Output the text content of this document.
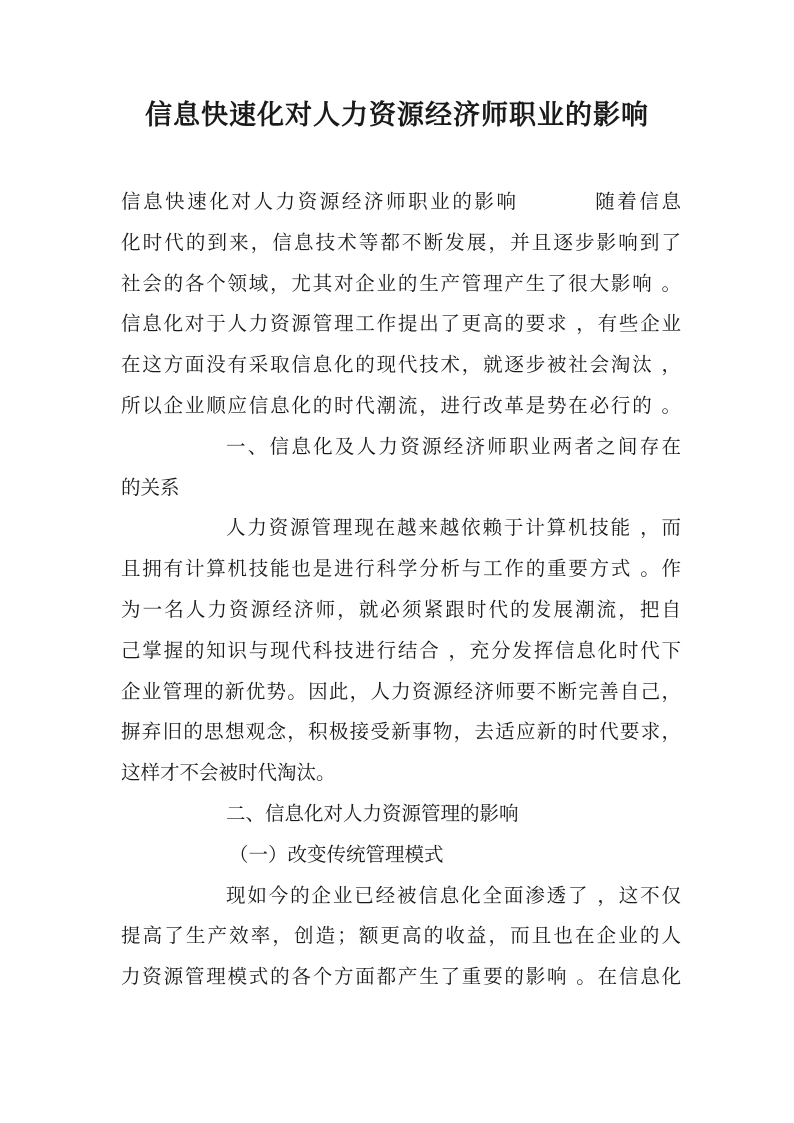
信息快速化对人力资源经济师职业的影响
信息快速化对人力资源经济师职业的影响	随着信息
化时代的到来，信息技术等都不断发展，并且逐步影响到了
社会的各个领域，尤其对企业的生产管理产生了很大影响 。
信息化对于人力资源管理工作提出了更高的要求 ，有些企业
在这方面没有采取信息化的现代技术，就逐步被社会淘汰 ，
所以企业顺应信息化的时代潮流，进行改革是势在必行的 。
一、信息化及人力资源经济师职业两者之间存在
的关系
人力资源管理现在越来越依赖于计算机技能 ，而
且拥有计算机技能也是进行科学分析与工作的重要方式 。作
为一名人力资源经济师，就必须紧跟时代的发展潮流，把自
己掌握的知识与现代科技进行结合 ，充分发挥信息化时代下
企业管理的新优势。因此，人力资源经济师要不断完善自己，
摒弃旧的思想观念，积极接受新事物，去适应新的时代要求，
这样才不会被时代淘汰。
二、信息化对人力资源管理的影响
（一）改变传统管理模式
现如今的企业已经被信息化全面渗透了 ，这不仅
提高了生产效率，创造；额更高的收益，而且也在企业的人
力资源管理模式的各个方面都产生了重要的影响 。在信息化
